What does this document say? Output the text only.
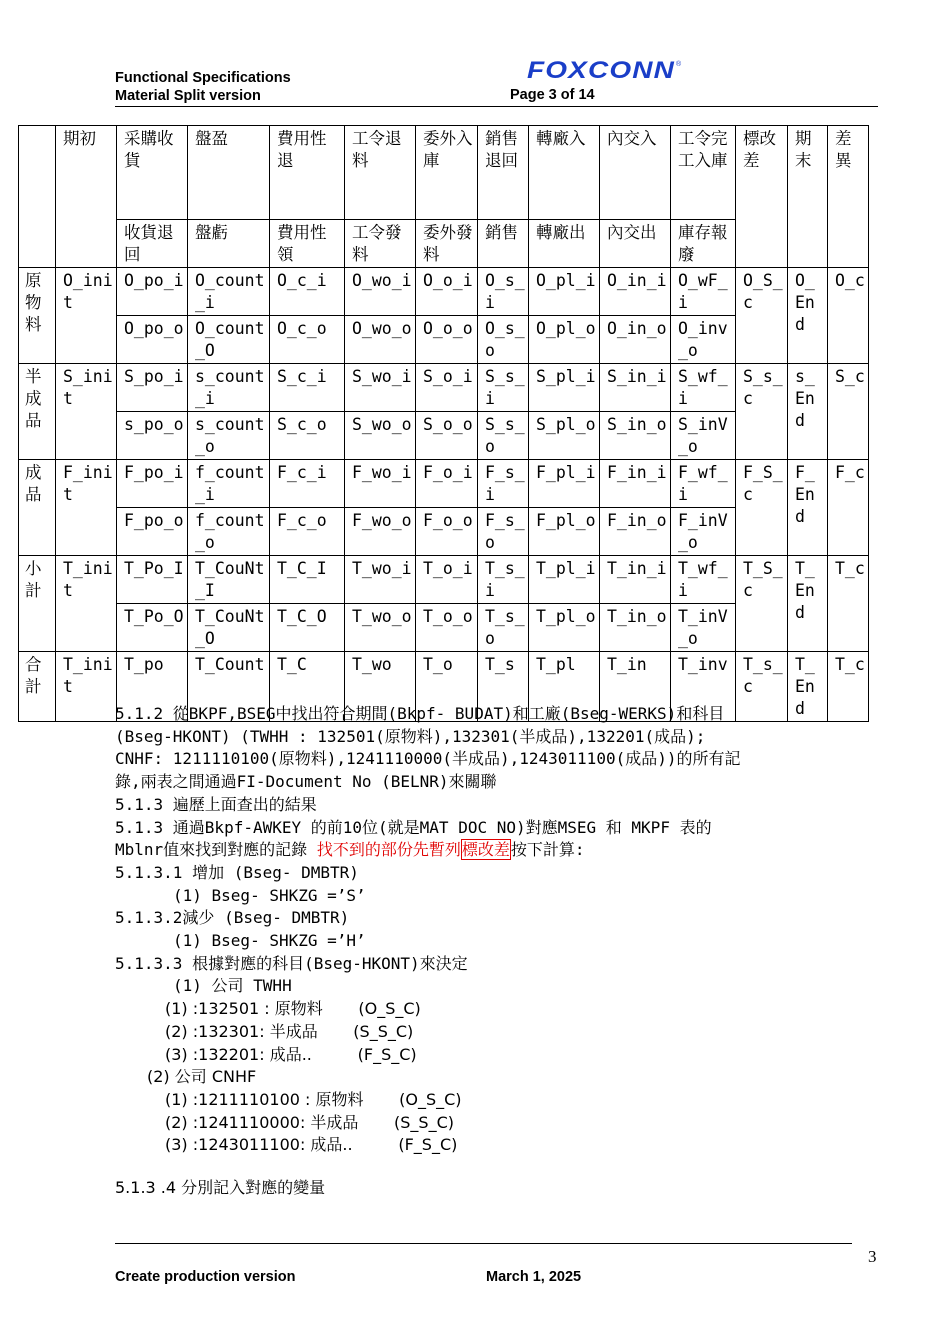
Functional Specifications
Material Split version
FOXCONN ®
Page 3 of 14
	期初	采購收貨	盤盈	費用性退	工令退料	委外入庫	銷售退回	轉廠入	內交入	工令完工入庫	標改差	期末	差異
		收貨退回	盤虧	費用性領	工令發料	委外發料	銷售	轉廠出	內交出	庫存報廢			
原物料	O_init	O_po_i	O_count_i	O_c_i	O_wo_i	O_o_i	O_s_i	O_pl_i	O_in_i	O_wF_i	O_S_c	O_End	O_c
		O_po_o	O_count_O	O_c_o	O_wo_o	O_o_o	O_s_o	O_pl_o	O_in_o	O_inv_o			
半成品	S_init	S_po_i	s_count_i	S_c_i	S_wo_i	S_o_i	S_s_i	S_pl_i	S_in_i	S_wf_i	S_s_c	s_End	S_c
		s_po_o	s_count_o	S_c_o	S_wo_o	S_o_o	S_s_o	S_pl_o	S_in_o	S_inV_o			
成品	F_init	F_po_i	f_count_i	F_c_i	F_wo_i	F_o_i	F_s_i	F_pl_i	F_in_i	F_wf_i	F_S_c	F_End	F_c
		F_po_o	f_count_o	F_c_o	F_wo_o	F_o_o	F_s_o	F_pl_o	F_in_o	F_inV_o			
小計	T_init	T_Po_I	T_CouNt_I	T_C_I	T_wo_i	T_o_i	T_s_i	T_pl_i	T_in_i	T_wf_i	T_S_c	T_End	T_c
		T_Po_O	T_CouNt_O	T_C_O	T_wo_o	T_o_o	T_s_o	T_pl_o	T_in_o	T_inV_o			
合計	T_init	T_po	T_Count	T_C	T_wo	T_o	T_s	T_pl	T_in	T_inv	T_s_c	T_End	T_c
5.1.2 從BKPF,BSEG中找出符合期間(Bkpf- BUDAT)和工廠(Bseg-WERKS)和科目
(Bseg-HKONT) (TWHH : 132501(原物料),132301(半成品),132201(成品);
CNHF: 1211110100(原物料),1241110000(半成品),1243011100(成品))的所有記
錄,兩表之間通過FI-Document No (BELNR)來關聯
5.1.3 遍歷上面查出的結果
5.1.3 通過Bkpf-AWKEY 的前10位(就是MAT DOC NO)對應MSEG 和 MKPF 表的
Mblnr值來找到對應的記錄 找不到的部份先暫列標改差按下計算:
5.1.3.1 增加 (Bseg- DMBTR)
(1) Bseg- SHKZG =’S’
5.1.3.2減少 (Bseg- DMBTR)
(1) Bseg- SHKZG =’H’
5.1.3.3 根據對應的科目(Bseg-HKONT)來決定
(1) 公司 TWHH
(1) :132501 : 原物料       (O_S_C)
(2) :132301: 半成品       (S_S_C)
(3) :132201: 成品..         (F_S_C)
(2) 公司 CNHF
(1) :1211110100 : 原物料       (O_S_C)
(2) :1241110000: 半成品       (S_S_C)
(3) :1243011100: 成品..         (F_S_C)
5.1.3 .4 分別記入對應的變量
3
Create production version	March 1, 2025
